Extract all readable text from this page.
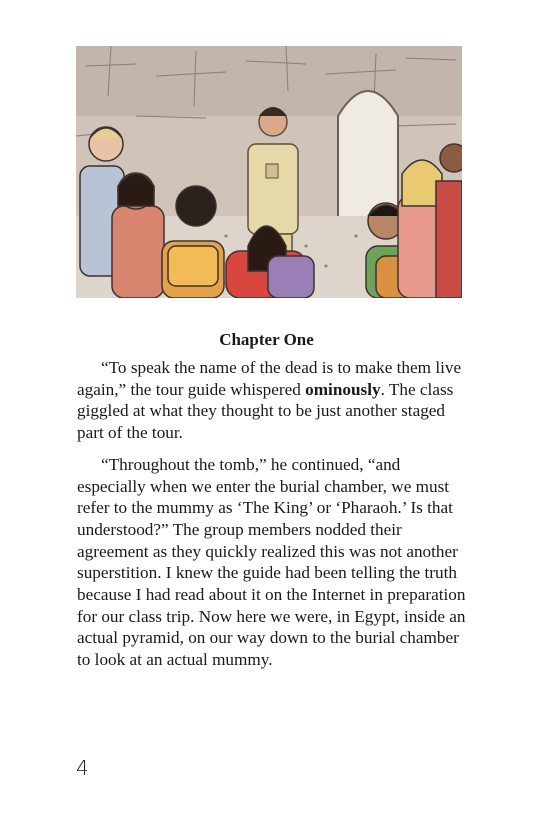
Chapter One

“To speak the name of the dead is to make them live again,” the tour guide whispered ominously. The class giggled at what they thought to be just another staged part of the tour.

“Throughout the tomb,” he continued, “and especially when we enter the burial chamber, we must refer to the mummy as ‘The King’ or ‘Pharaoh.’ Is that understood?” The group members nodded their agreement as they quickly realized this was not another superstition. I knew the guide had been telling the truth because I had read about it on the Internet in preparation for our class trip. Now here we were, in Egypt, inside an actual pyramid, on our way down to the burial chamber to look at an actual mummy.

4
